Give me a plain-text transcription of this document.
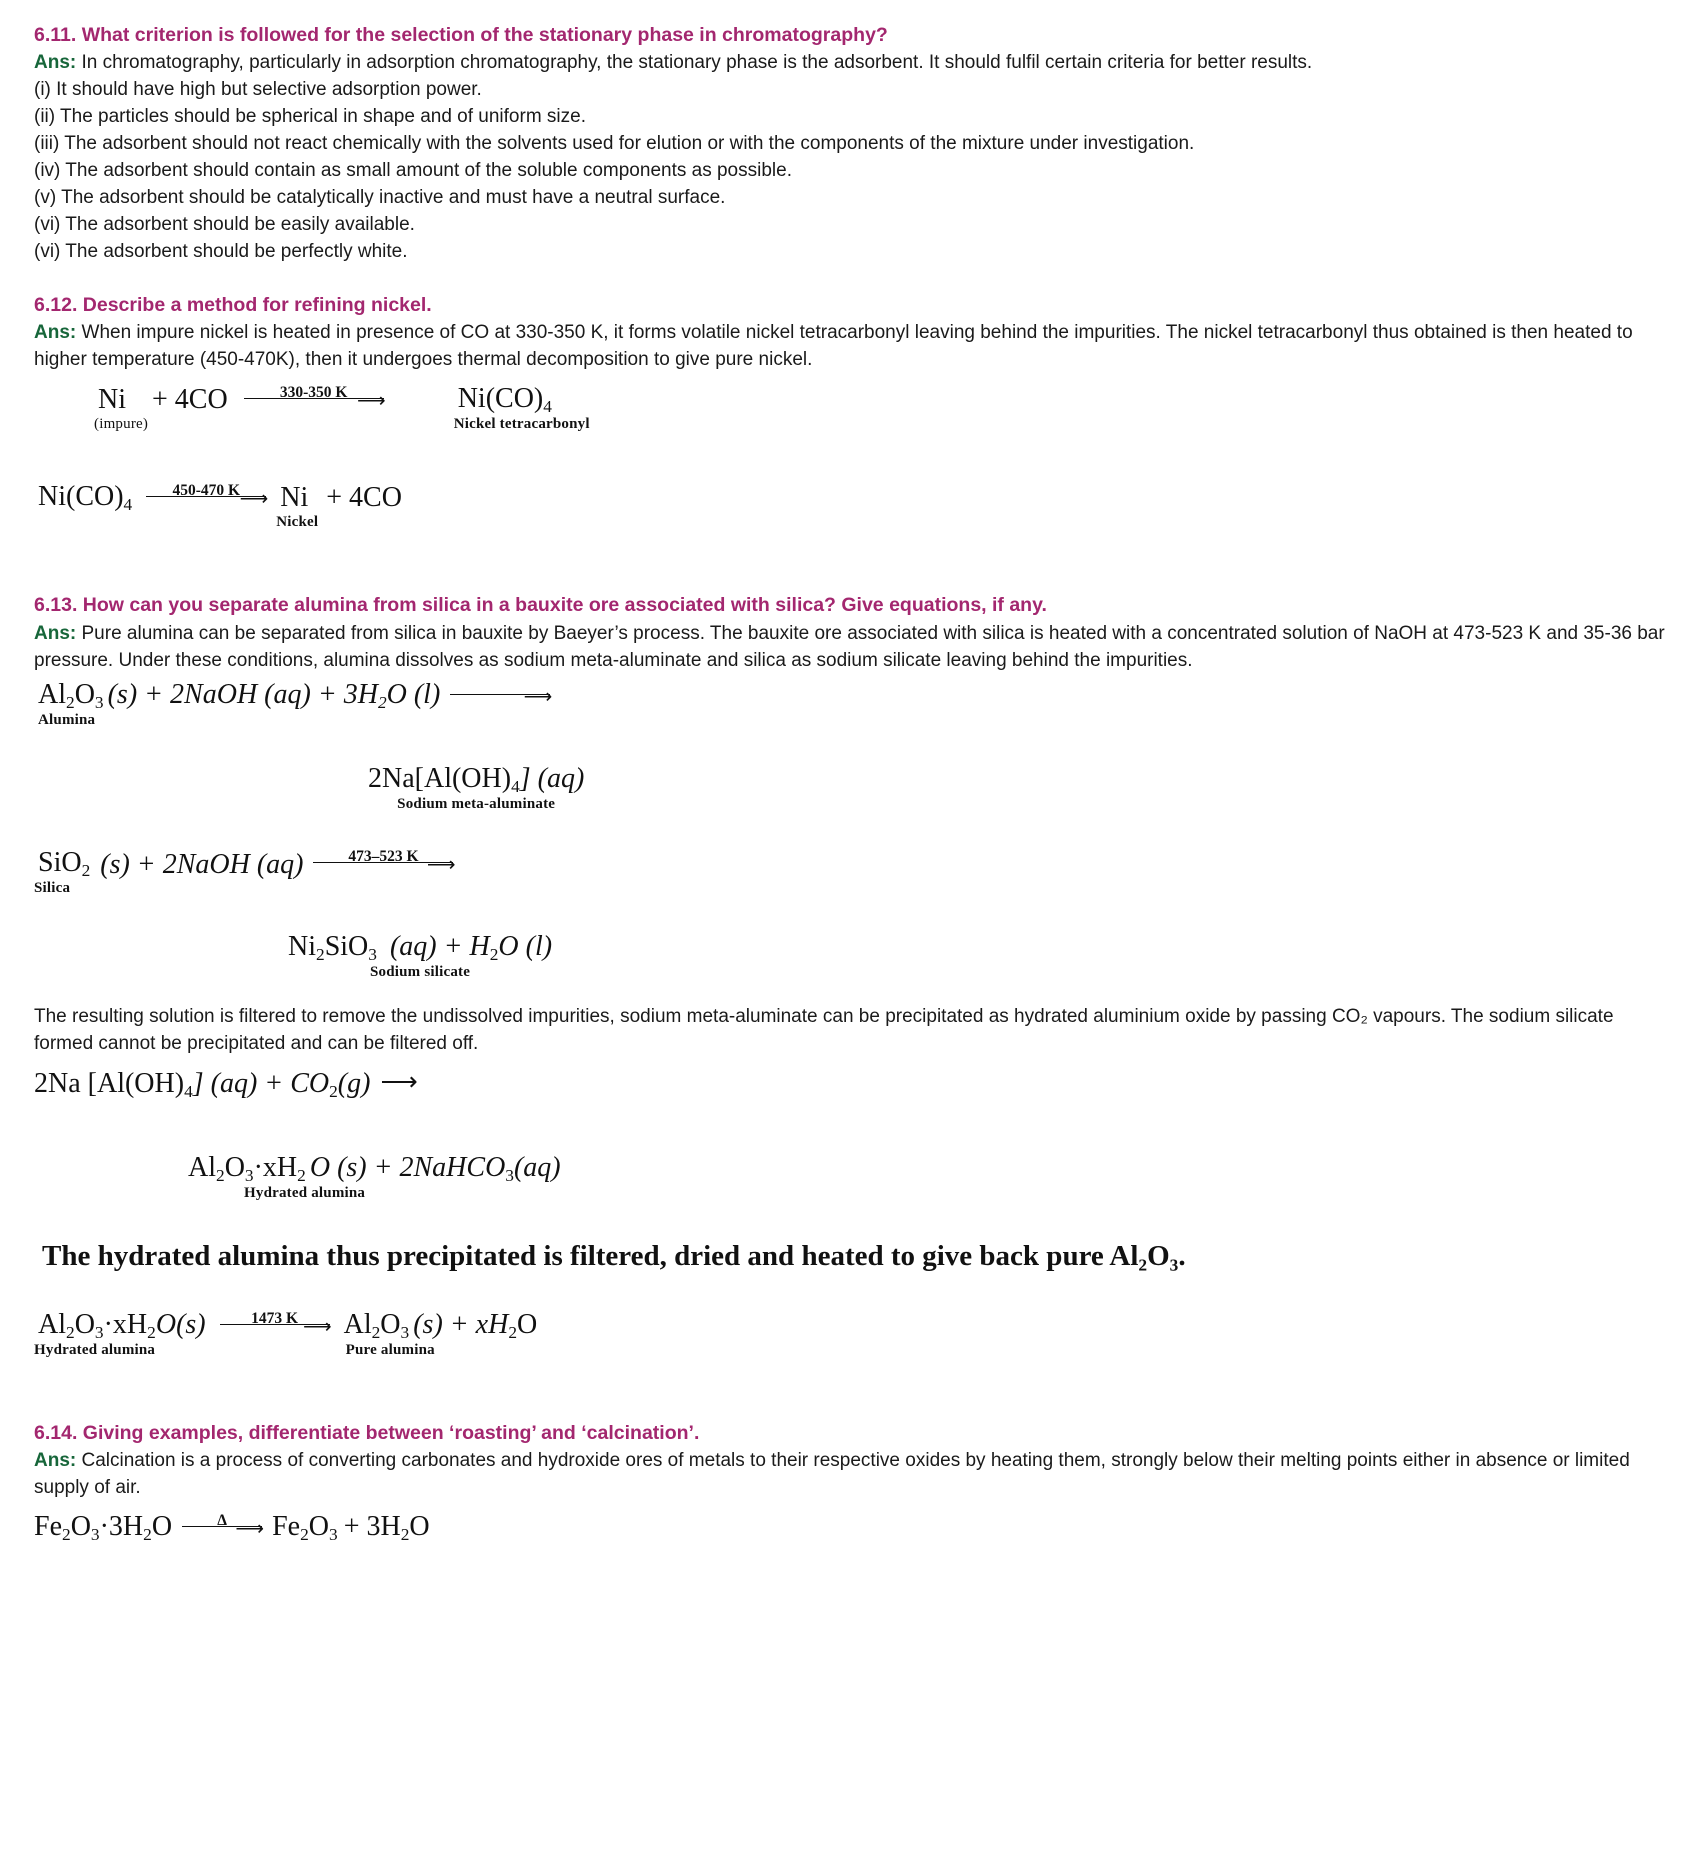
6.11. What criterion is followed for the selection of the stationary phase in chromatography?

Ans: In chromatography, particularly in adsorption chromatography, the stationary phase is the adsorbent. It should fulfil certain criteria for better results.

(i) It should have high but selective adsorption power.
(ii) The particles should be spherical in shape and of uniform size.
(iii) The adsorbent should not react chemically with the solvents used for elution or with the components of the mixture under investigation.
(iv) The adsorbent should contain as small amount of the soluble components as possible.
(v) The adsorbent should be catalytically inactive and must have a neutral surface.
(vi) The adsorbent should be easily available.
(vi) The adsorbent should be perfectly white.

6.12. Describe a method for refining nickel.

Ans: When impure nickel is heated in presence of CO at 330-350 K, it forms volatile nickel tetracarbonyl leaving behind the impurities. The nickel tetracarbonyl thus obtained is then heated to higher temperature (450-470K), then it undergoes thermal decomposition to give pure nickel.

Ni
(impure)
+ 4CO	330-350 K ⟶	$Ni(CO)_4$
Nickel tetracarbonyl
$Ni(CO)_4$
450-470 K ⟶ Ni
Nickel
+ 4CO

6.13. How can you separate alumina from silica in a bauxite ore associated with silica? Give equations, if any.

Ans: Pure alumina can be separated from silica in bauxite by Baeyer’s process. The bauxite ore associated with silica is heated with a concentrated solution of NaOH at 473-523 K and 35-36 bar pressure. Under these conditions, alumina dissolves as sodium meta-aluminate and silica as sodium silicate leaving behind the impurities.

$Al_2O_3$
Alumina
(s) + 2NaOH $(aq) + 3H_2O$ (l)	⟶
$2Na[Al(OH)_4]$ (aq)
Sodium meta-aluminate
SiO$_2$
Silica
(s) + 2NaOH (aq)	473–523 K ⟶
$Ni_2SiO_3$ $(aq) + H_2O$ (l)
Sodium silicate

The resulting solution is filtered to remove the undissolved impurities, sodium meta-aluminate can be precipitated as hydrated aluminium oxide by passing CO₂ vapours. The sodium silicate formed cannot be precipitated and can be filtered off.

2Na $[Al(OH)_4] (aq) + CO_2(g)$ ⟶
$Al_2O_3\cdot xH_2$ O (s) + 2NaHCO$_3$(aq)
Hydrated alumina
The hydrated alumina thus precipitated is filtered, dried and heated to give back pure Al₂O₃.
$Al_2O_3\cdot xH_2O(s)$
Hydrated alumina
1473 K ⟶ $Al_2O_3$ $(s) + xH_2O$
Pure alumina

6.14. Giving examples, differentiate between ‘roasting’ and ‘calcination’.

Ans: Calcination is a process of converting carbonates and hydroxide ores of metals to their respective oxides by heating them, strongly below their melting points either in absence or limited supply of air.

$Fe_2O_3\cdot 3H_2O$	Δ ⟶ $Fe_2O_3 + 3H_2O$
